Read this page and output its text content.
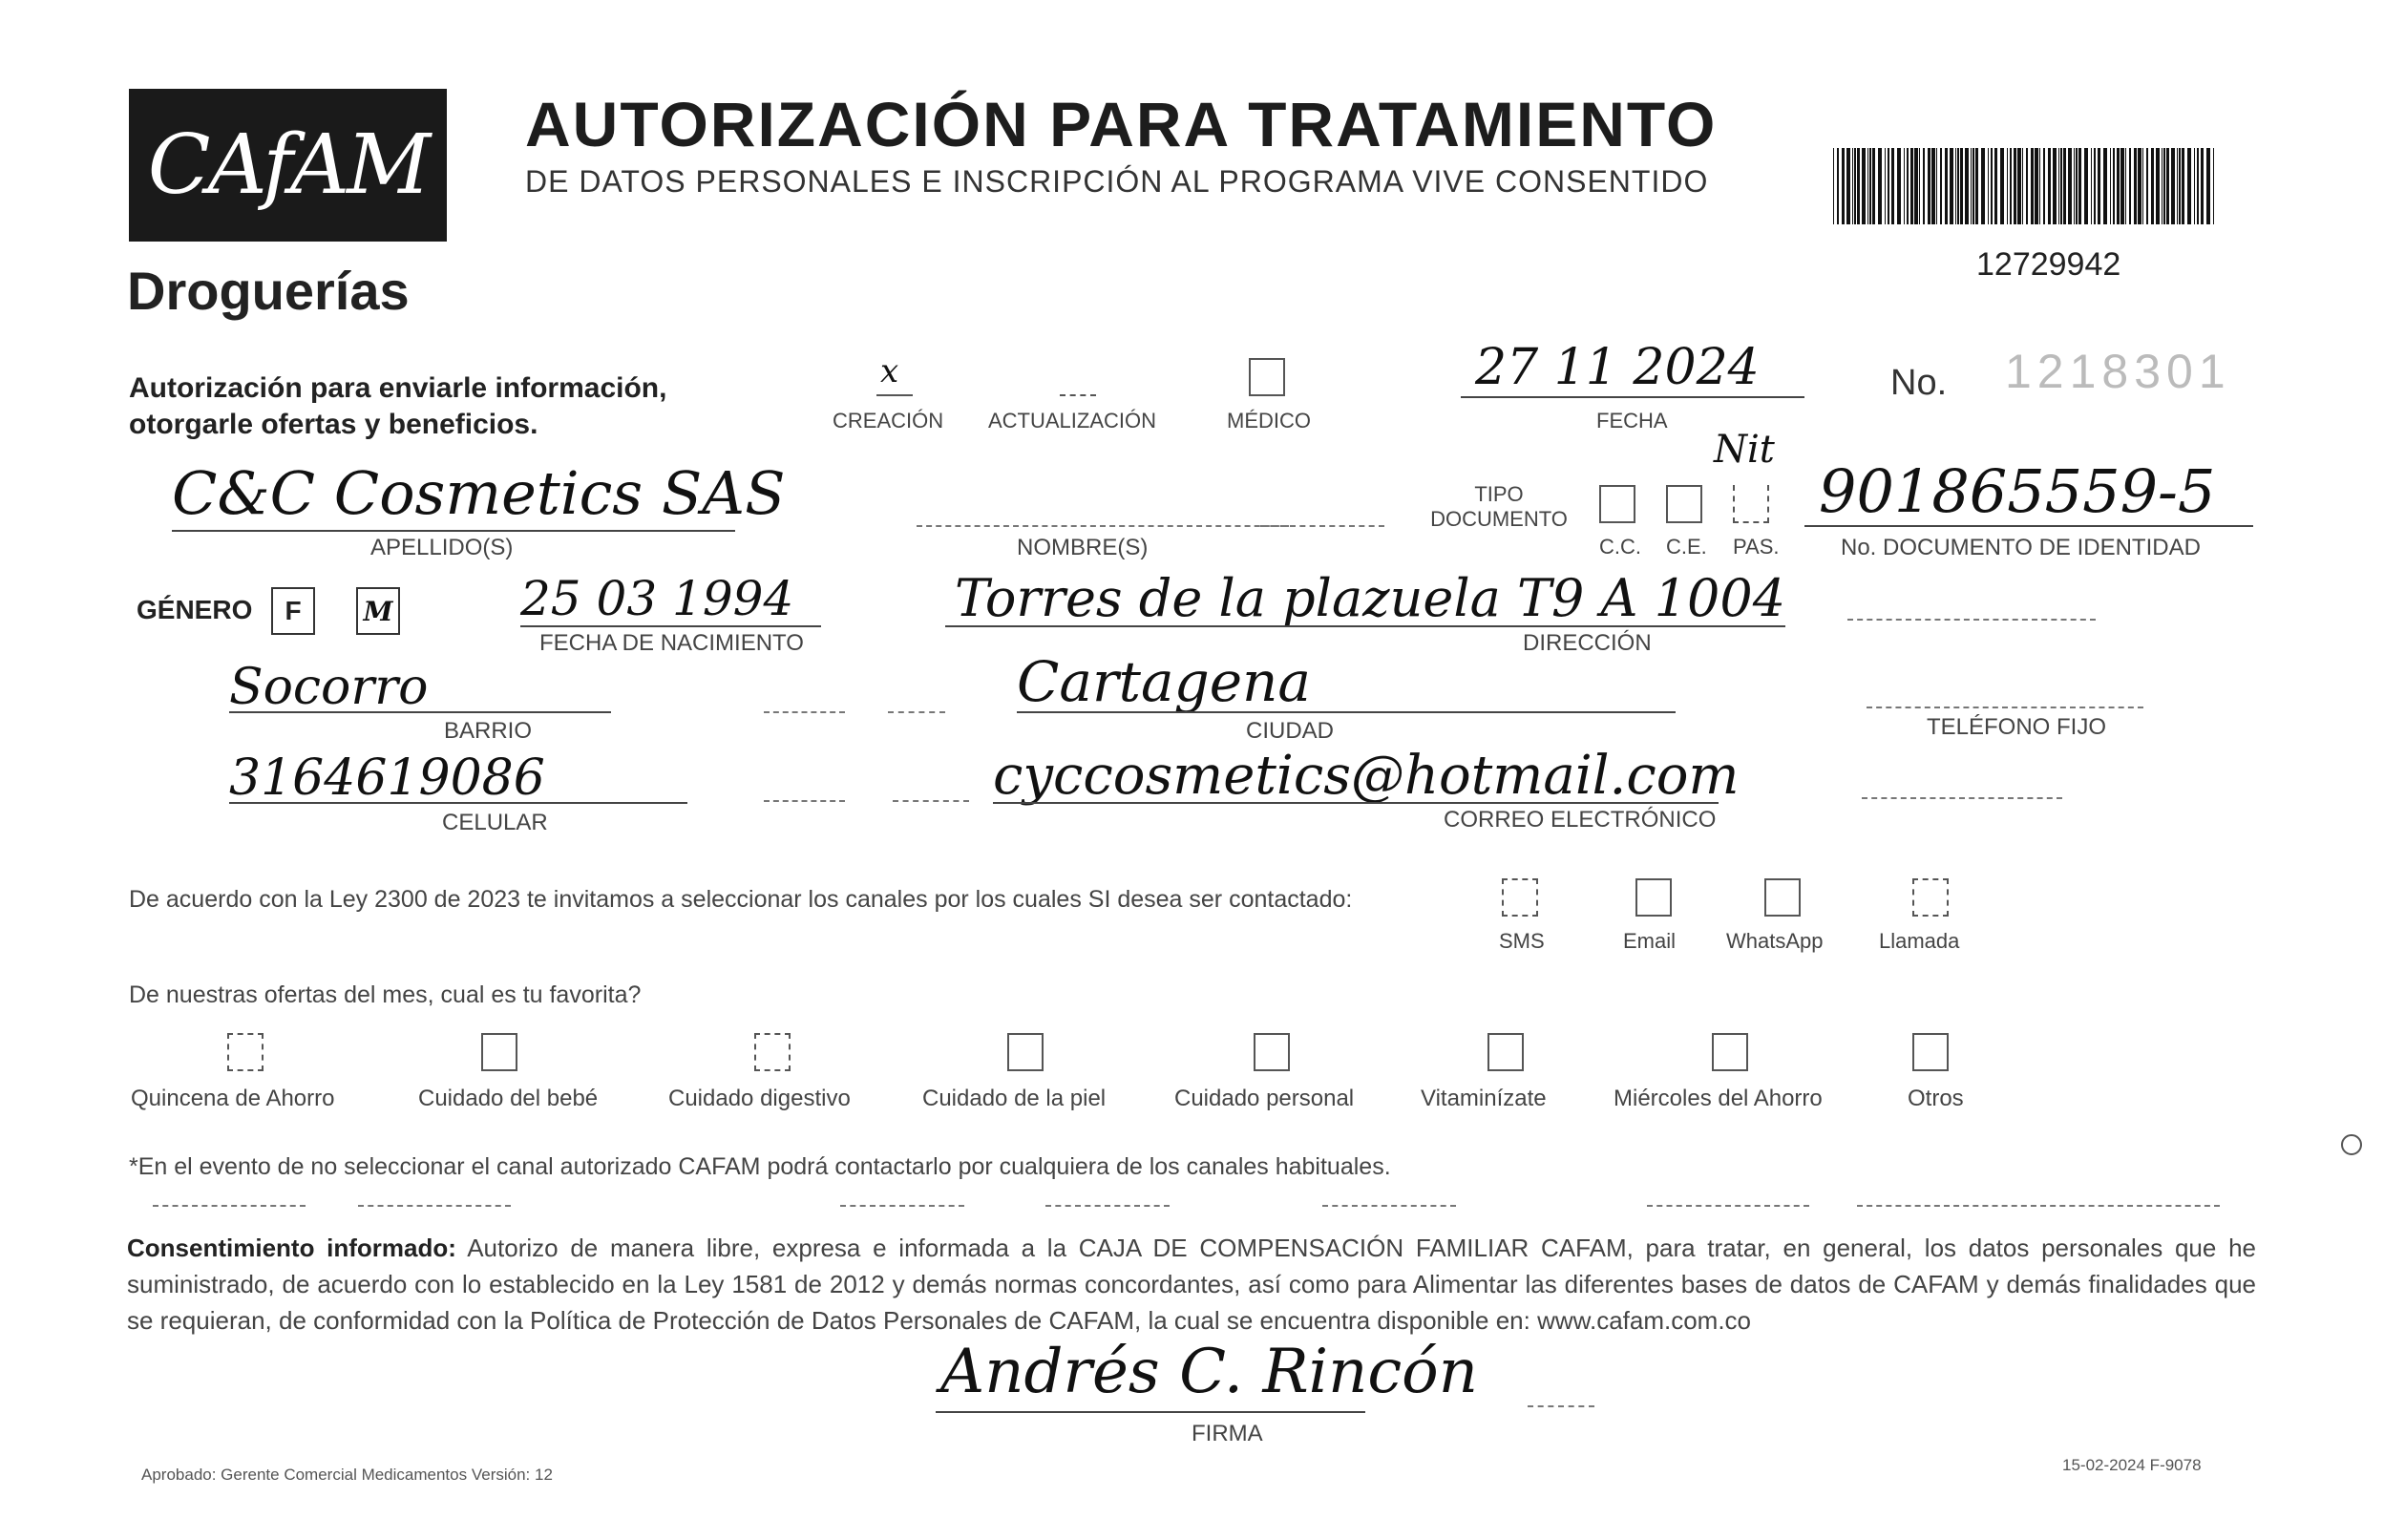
CAfAM
Droguerías
AUTORIZACIÓN PARA TRATAMIENTO
DE DATOS PERSONALES E INSCRIPCIÓN AL PROGRAMA VIVE CONSENTIDO
12729942
Autorización para enviarle información, otorgarle ofertas y beneficios.
x
CREACIÓN ACTUALIZACIÓN	MÉDICO
27 11 2024
FECHA
No. 1218301
C&C Cosmetics SAS
APELLIDO(S)	NOMBRE(S)
TIPO DOCUMENTO
C.C. C.E. PAS.
Nit
901865559-5
No. DOCUMENTO DE IDENTIDAD
GÉNERO F M	25 03 1994
FECHA DE NACIMIENTO
Torres de la plazuela T9 A 1004
DIRECCIÓN
Socorro
BARRIO
Cartagena
CIUDAD	TELÉFONO FIJO
3164619086
CELULAR
cyccosmetics@hotmail.com
CORREO ELECTRÓNICO
De acuerdo con la Ley 2300 de 2023 te invitamos a seleccionar los canales por los cuales SI desea ser contactado:
SMS	Email WhatsApp	Llamada
De nuestras ofertas del mes, cual es tu favorita?
Quincena de Ahorro	Cuidado del bebé	Cuidado digestivo	Cuidado de la piel	Cuidado personal	Vitaminízate	Miércoles del Ahorro	Otros
*En el evento de no seleccionar el canal autorizado CAFAM podrá contactarlo por cualquiera de los canales habituales.
Consentimiento informado: Autorizo de manera libre, expresa e informada a la CAJA DE COMPENSACIÓN FAMILIAR CAFAM, para tratar, en general, los datos personales que he suministrado, de acuerdo con lo establecido en la Ley 1581 de 2012 y demás normas concordantes, así como para Alimentar las diferentes bases de datos de CAFAM y demás finalidades que se requieran, de conformidad con la Política de Protección de Datos Personales de CAFAM, la cual se encuentra disponible en: www.cafam.com.co
Andrés C. Rincón
FIRMA
Aprobado: Gerente Comercial Medicamentos Versión: 12
15-02-2024 F-9078
